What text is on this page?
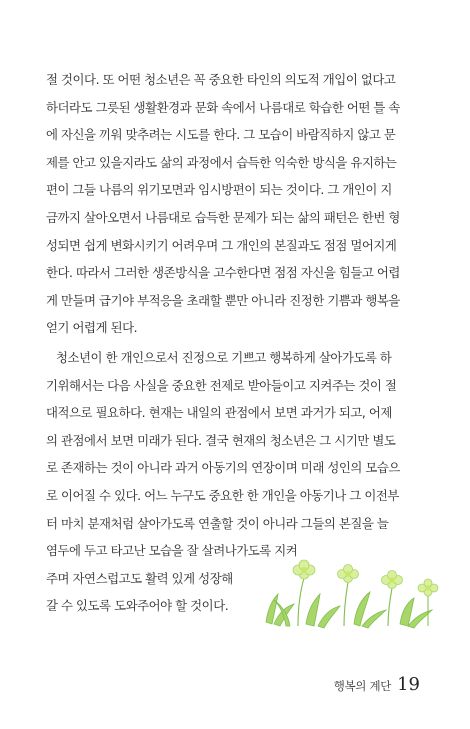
절 것이다. 또 어떤 청소년은 꼭 중요한 타인의 의도적 개입이 없다고
하더라도 그릇된 생활환경과 문화 속에서 나름대로 학습한 어떤 틀 속
에 자신을 끼워 맞추려는 시도를 한다. 그 모습이 바람직하지 않고 문
제를 안고 있을지라도 삶의 과정에서 습득한 익숙한 방식을 유지하는
편이 그들 나름의 위기모면과 임시방편이 되는 것이다. 그 개인이 지
금까지 살아오면서 나름대로 습득한 문제가 되는 삶의 패턴은 한번 형
성되면 쉽게 변화시키기 어려우며 그 개인의 본질과도 점점 멀어지게
한다. 따라서 그러한 생존방식을 고수한다면 점점 자신을 힘들고 어렵
게 만들며 급기야 부적응을 초래할 뿐만 아니라 진정한 기쁨과 행복을
얻기 어렵게 된다.
청소년이 한 개인으로서 진정으로 기쁘고 행복하게 살아가도록 하
기위해서는 다음 사실을 중요한 전제로 받아들이고 지켜주는 것이 절
대적으로 필요하다. 현재는 내일의 관점에서 보면 과거가 되고, 어제
의 관점에서 보면 미래가 된다. 결국 현재의 청소년은 그 시기만 별도
로 존재하는 것이 아니라 과거 아동기의 연장이며 미래 성인의 모습으
로 이어질 수 있다. 어느 누구도 중요한 한 개인을 아동기나 그 이전부
터 마치 분재처럼 살아가도록 연출할 것이 아니라 그들의 본질을 늘
염두에 두고 타고난 모습을 잘 살려나가도록 지켜
주며 자연스럽고도 활력 있게 성장해
갈 수 있도록 도와주어야 할 것이다.
행복의 계단 19
